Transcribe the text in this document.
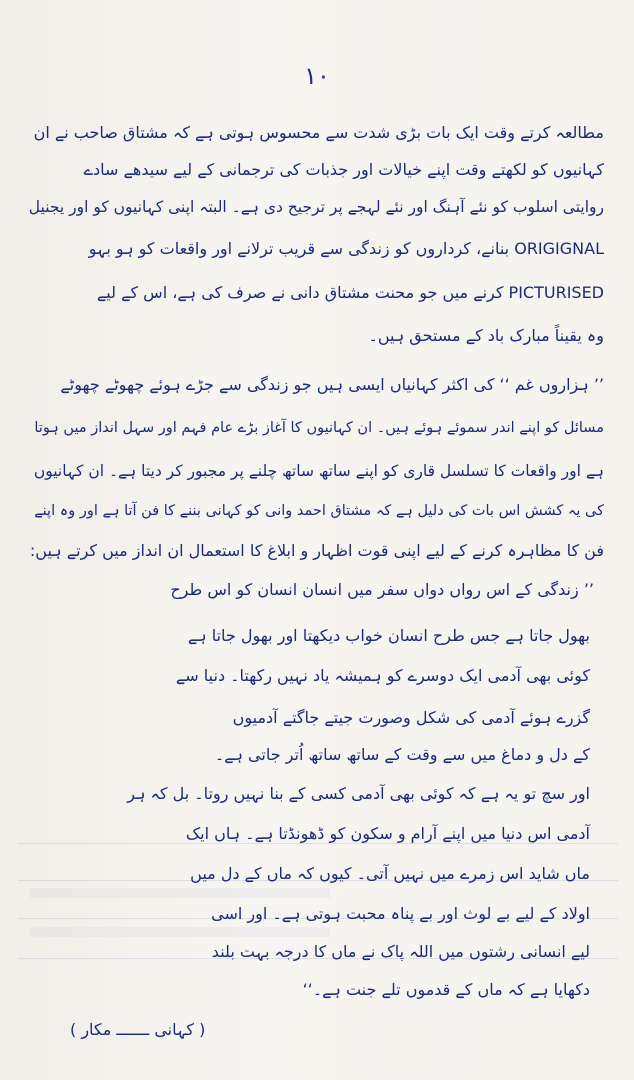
١٠
مطالعہ کرتے وقت ایک بات بڑی شدت سے محسوس ہوتی ہے کہ مشتاق صاحب نے ان
کہانیوں کو لکھتے وقت اپنے خیالات اور جذبات کی ترجمانی کے لیے سیدھے سادے
روایتی اسلوب کو نئے آہنگ اور نئے لہجے پر ترجیح دی ہے۔ البتہ اپنی کہانیوں کو اور یجنیل
ORIGIGNAL بنانے، کرداروں کو زندگی سے قریب ترلانے اور واقعات کو ہو بہو
PICTURISED کرنے میں جو محنت مشتاق دانی نے صرف کی ہے، اس کے لیے
وہ یقیناً مبارک باد کے مستحق ہیں۔
’’ ہزاروں غم ‘‘ کی اکثر کہانیاں ایسی ہیں جو زندگی سے جڑے ہوئے چھوٹے چھوٹے
مسائل کو اپنے اندر سموئے ہوئے ہیں۔ ان کہانیوں کا آغاز بڑے عام فہم اور سہل انداز میں ہوتا
ہے اور واقعات کا تسلسل قاری کو اپنے ساتھ ساتھ چلنے پر مجبور کر دیتا ہے۔ ان کہانیوں
کی یہ کشش اس بات کی دلیل ہے کہ مشتاق احمد وانی کو کہانی بننے کا فن آتا ہے اور وہ اپنے
فن کا مظاہرہ کرنے کے لیے اپنی قوت اظہار و ابلاغ کا استعمال ان انداز میں کرتے ہیں:
’’ زندگی کے اس رواں دواں سفر میں انسان انسان کو اس طرح
بھول جاتا ہے جس طرح انسان خواب دیکھتا اور بھول جاتا ہے
کوئی بھی آدمی ایک دوسرے کو ہمیشہ یاد نہیں رکھتا۔ دنیا سے
گزرے ہوئے آدمی کی شکل وصورت جیتے جاگتے آدمیوں
کے دل و دماغ میں سے وقت کے ساتھ ساتھ اُتر جاتی ہے۔
اور سچ تو یہ ہے کہ کوئی بھی آدمی کسی کے بنا نہیں روتا۔ بل کہ ہر
آدمی اس دنیا میں اپنے آرام و سکون کو ڈھونڈتا ہے۔ ہاں ایک
ماں شاید اس زمرے میں نہیں آتی۔ کیوں کہ ماں کے دل میں
اولاد کے لیے بے لوث اور بے پناہ محبت ہوتی ہے۔ اور اسی
لیے انسانی رشتوں میں اللہ پاک نے ماں کا درجہ بہت بلند
دکھایا ہے کہ ماں کے قدموں تلے جنت ہے۔‘‘
( کہانی ـــــــ مکار )
